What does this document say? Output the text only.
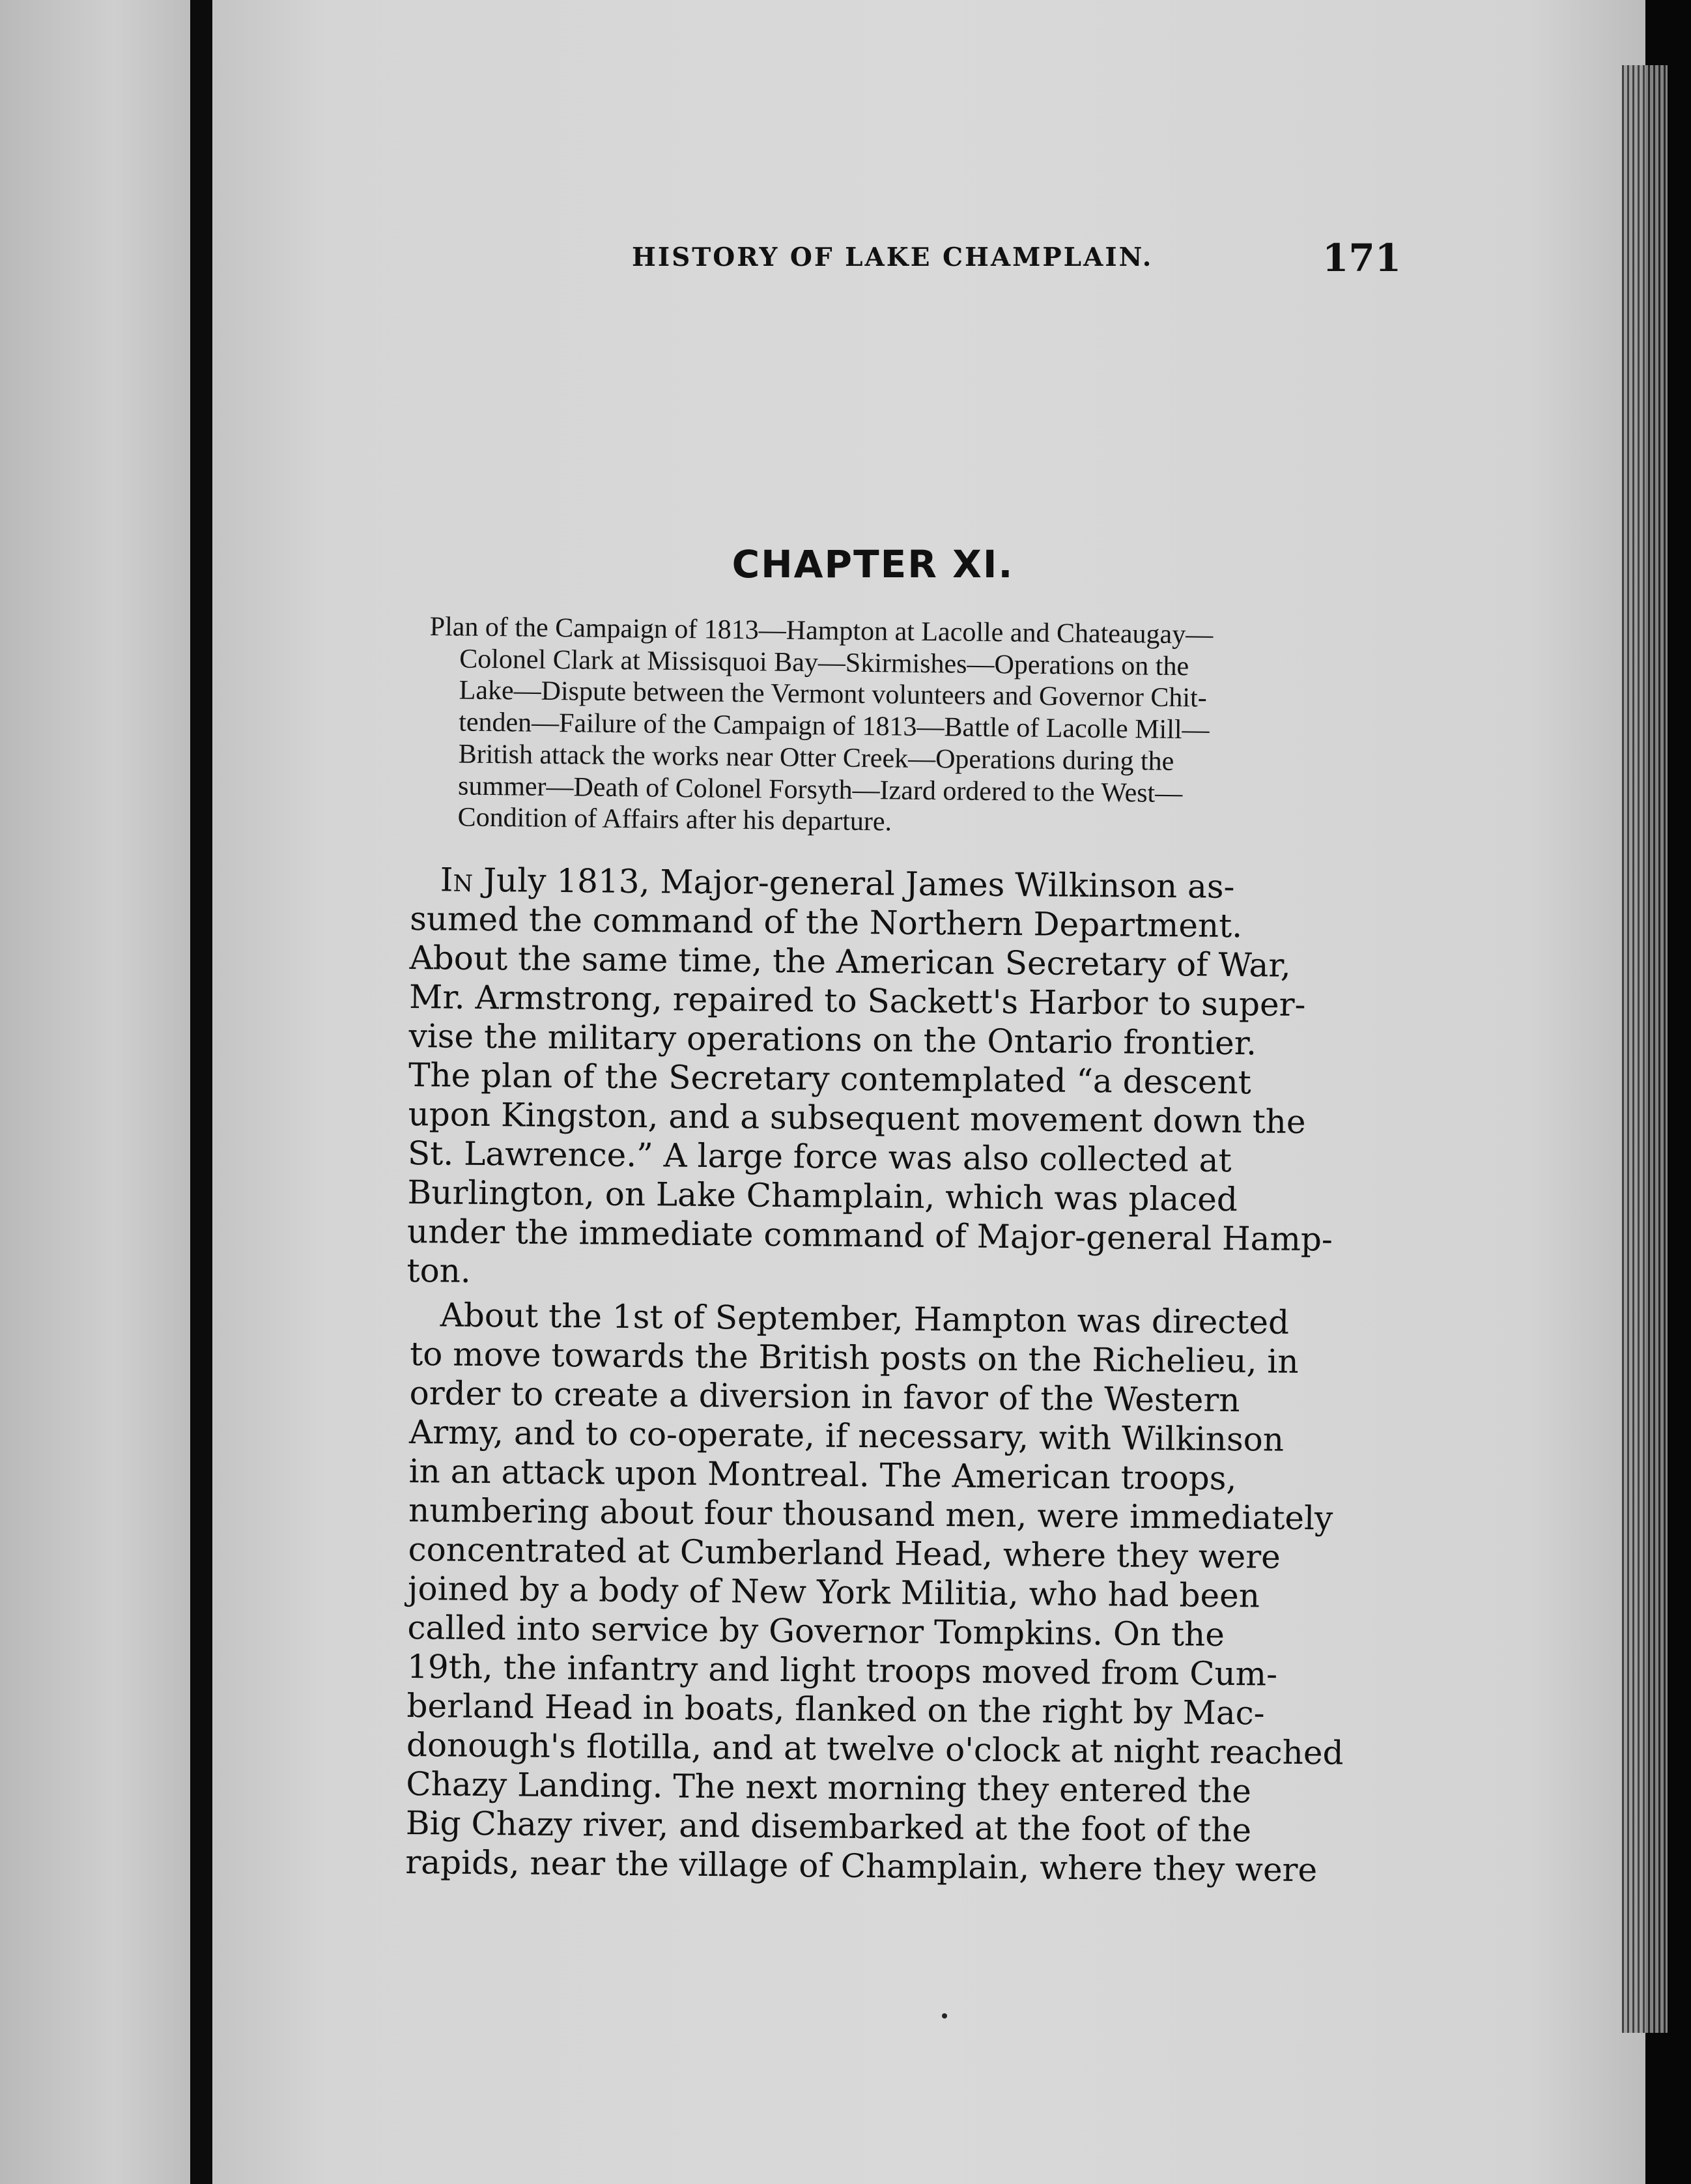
HISTORY OF LAKE CHAMPLAIN.	171
CHAPTER XI.
Plan of the Campaign of 1813—Hampton at Lacolle and Chateaugay—
Colonel Clark at Missisquoi Bay—Skirmishes—Operations on the
Lake—Dispute between the Vermont volunteers and Governor Chit-
tenden—Failure of the Campaign of 1813—Battle of Lacolle Mill—
British attack the works near Otter Creek—Operations during the
summer—Death of Colonel Forsyth—Izard ordered to the West—
Condition of Affairs after his departure.
In July 1813, Major-general James Wilkinson as-
sumed the command of the Northern Department.
About the same time, the American Secretary of War,
Mr. Armstrong, repaired to Sackett's Harbor to super-
vise the military operations on the Ontario frontier.
The plan of the Secretary contemplated “a descent
upon Kingston, and a subsequent movement down the
St. Lawrence.” A large force was also collected at
Burlington, on Lake Champlain, which was placed
under the immediate command of Major-general Hamp-
ton.
About the 1st of September, Hampton was directed
to move towards the British posts on the Richelieu, in
order to create a diversion in favor of the Western
Army, and to co-operate, if necessary, with Wilkinson
in an attack upon Montreal. The American troops,
numbering about four thousand men, were immediately
concentrated at Cumberland Head, where they were
joined by a body of New York Militia, who had been
called into service by Governor Tompkins. On the
19th, the infantry and light troops moved from Cum-
berland Head in boats, flanked on the right by Mac-
donough's flotilla, and at twelve o'clock at night reached
Chazy Landing. The next morning they entered the
Big Chazy river, and disembarked at the foot of the
rapids, near the village of Champlain, where they were
